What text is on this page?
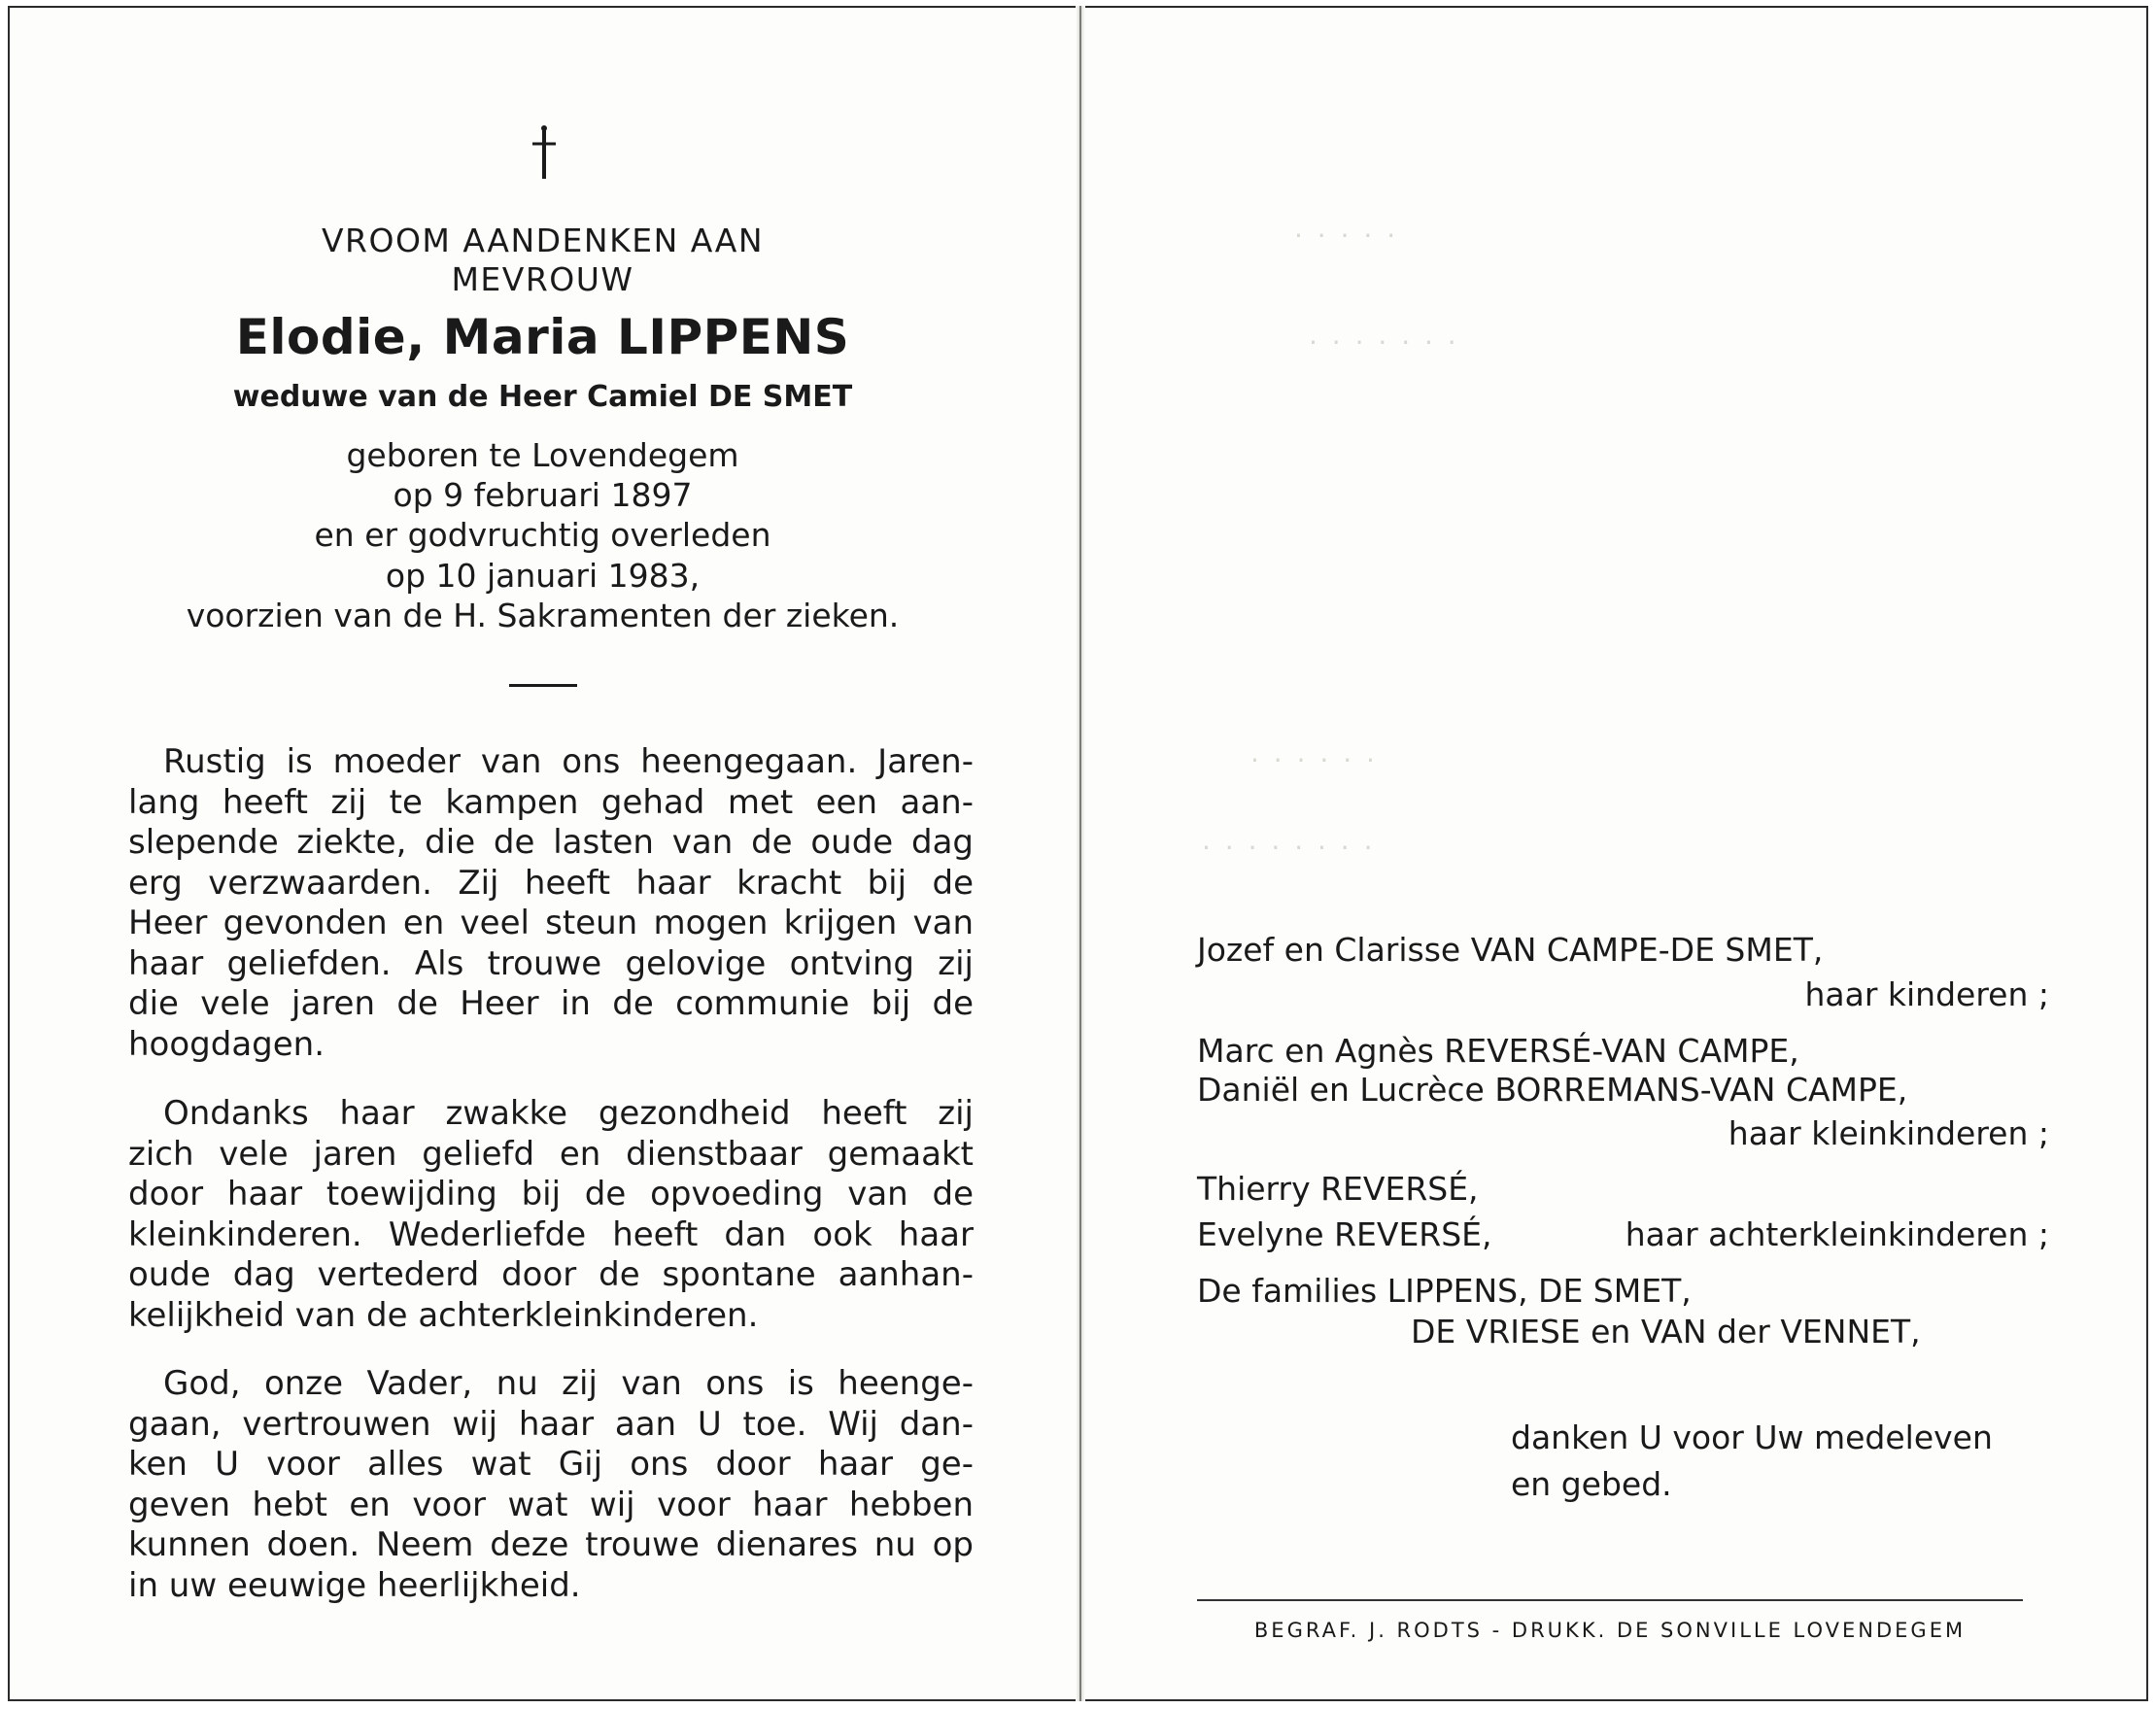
VROOM AANDENKEN AAN
MEVROUW
Elodie, Maria LIPPENS
weduwe van de Heer Camiel DE SMET
geboren te Lovendegem
op 9 februari 1897
en er godvruchtig overleden
op 10 januari 1983,
voorzien van de H. Sakramenten der zieken.

Rustig is moeder van ons heengegaan. Jaren-
lang heeft zij te kampen gehad met een aan-
slepende ziekte, die de lasten van de oude dag
erg verzwaarden. Zij heeft haar kracht bij de
Heer gevonden en veel steun mogen krijgen van
haar geliefden. Als trouwe gelovige ontving zij
die vele jaren de Heer in de communie bij de
hoogdagen.

Ondanks haar zwakke gezondheid heeft zij
zich vele jaren geliefd en dienstbaar gemaakt
door haar toewijding bij de opvoeding van de
kleinkinderen. Wederliefde heeft dan ook haar
oude dag vertederd door de spontane aanhan-
kelijkheid van de achterkleinkinderen.

God, onze Vader, nu zij van ons is heenge-
gaan, vertrouwen wij haar aan U toe. Wij dan-
ken U voor alles wat Gij ons door haar ge-
geven hebt en voor wat wij voor haar hebben
kunnen doen. Neem deze trouwe dienares nu op
in uw eeuwige heerlijkheid.

· · · · ·
· · · · · · ·
· · · · · ·
· · · · · · · ·
Jozef en Clarisse VAN CAMPE-DE SMET,
haar kinderen ;
Marc en Agnès REVERSÉ-VAN CAMPE,
Daniël en Lucrèce BORREMANS-VAN CAMPE,
haar kleinkinderen ;
Thierry REVERSÉ,
Evelyne REVERSÉ,	haar achterkleinkinderen ;
De families LIPPENS, DE SMET,
DE VRIESE en VAN der VENNET,
danken U voor Uw medeleven
en gebed.
BEGRAF. J. RODTS - DRUKK. DE SONVILLE LOVENDEGEM
